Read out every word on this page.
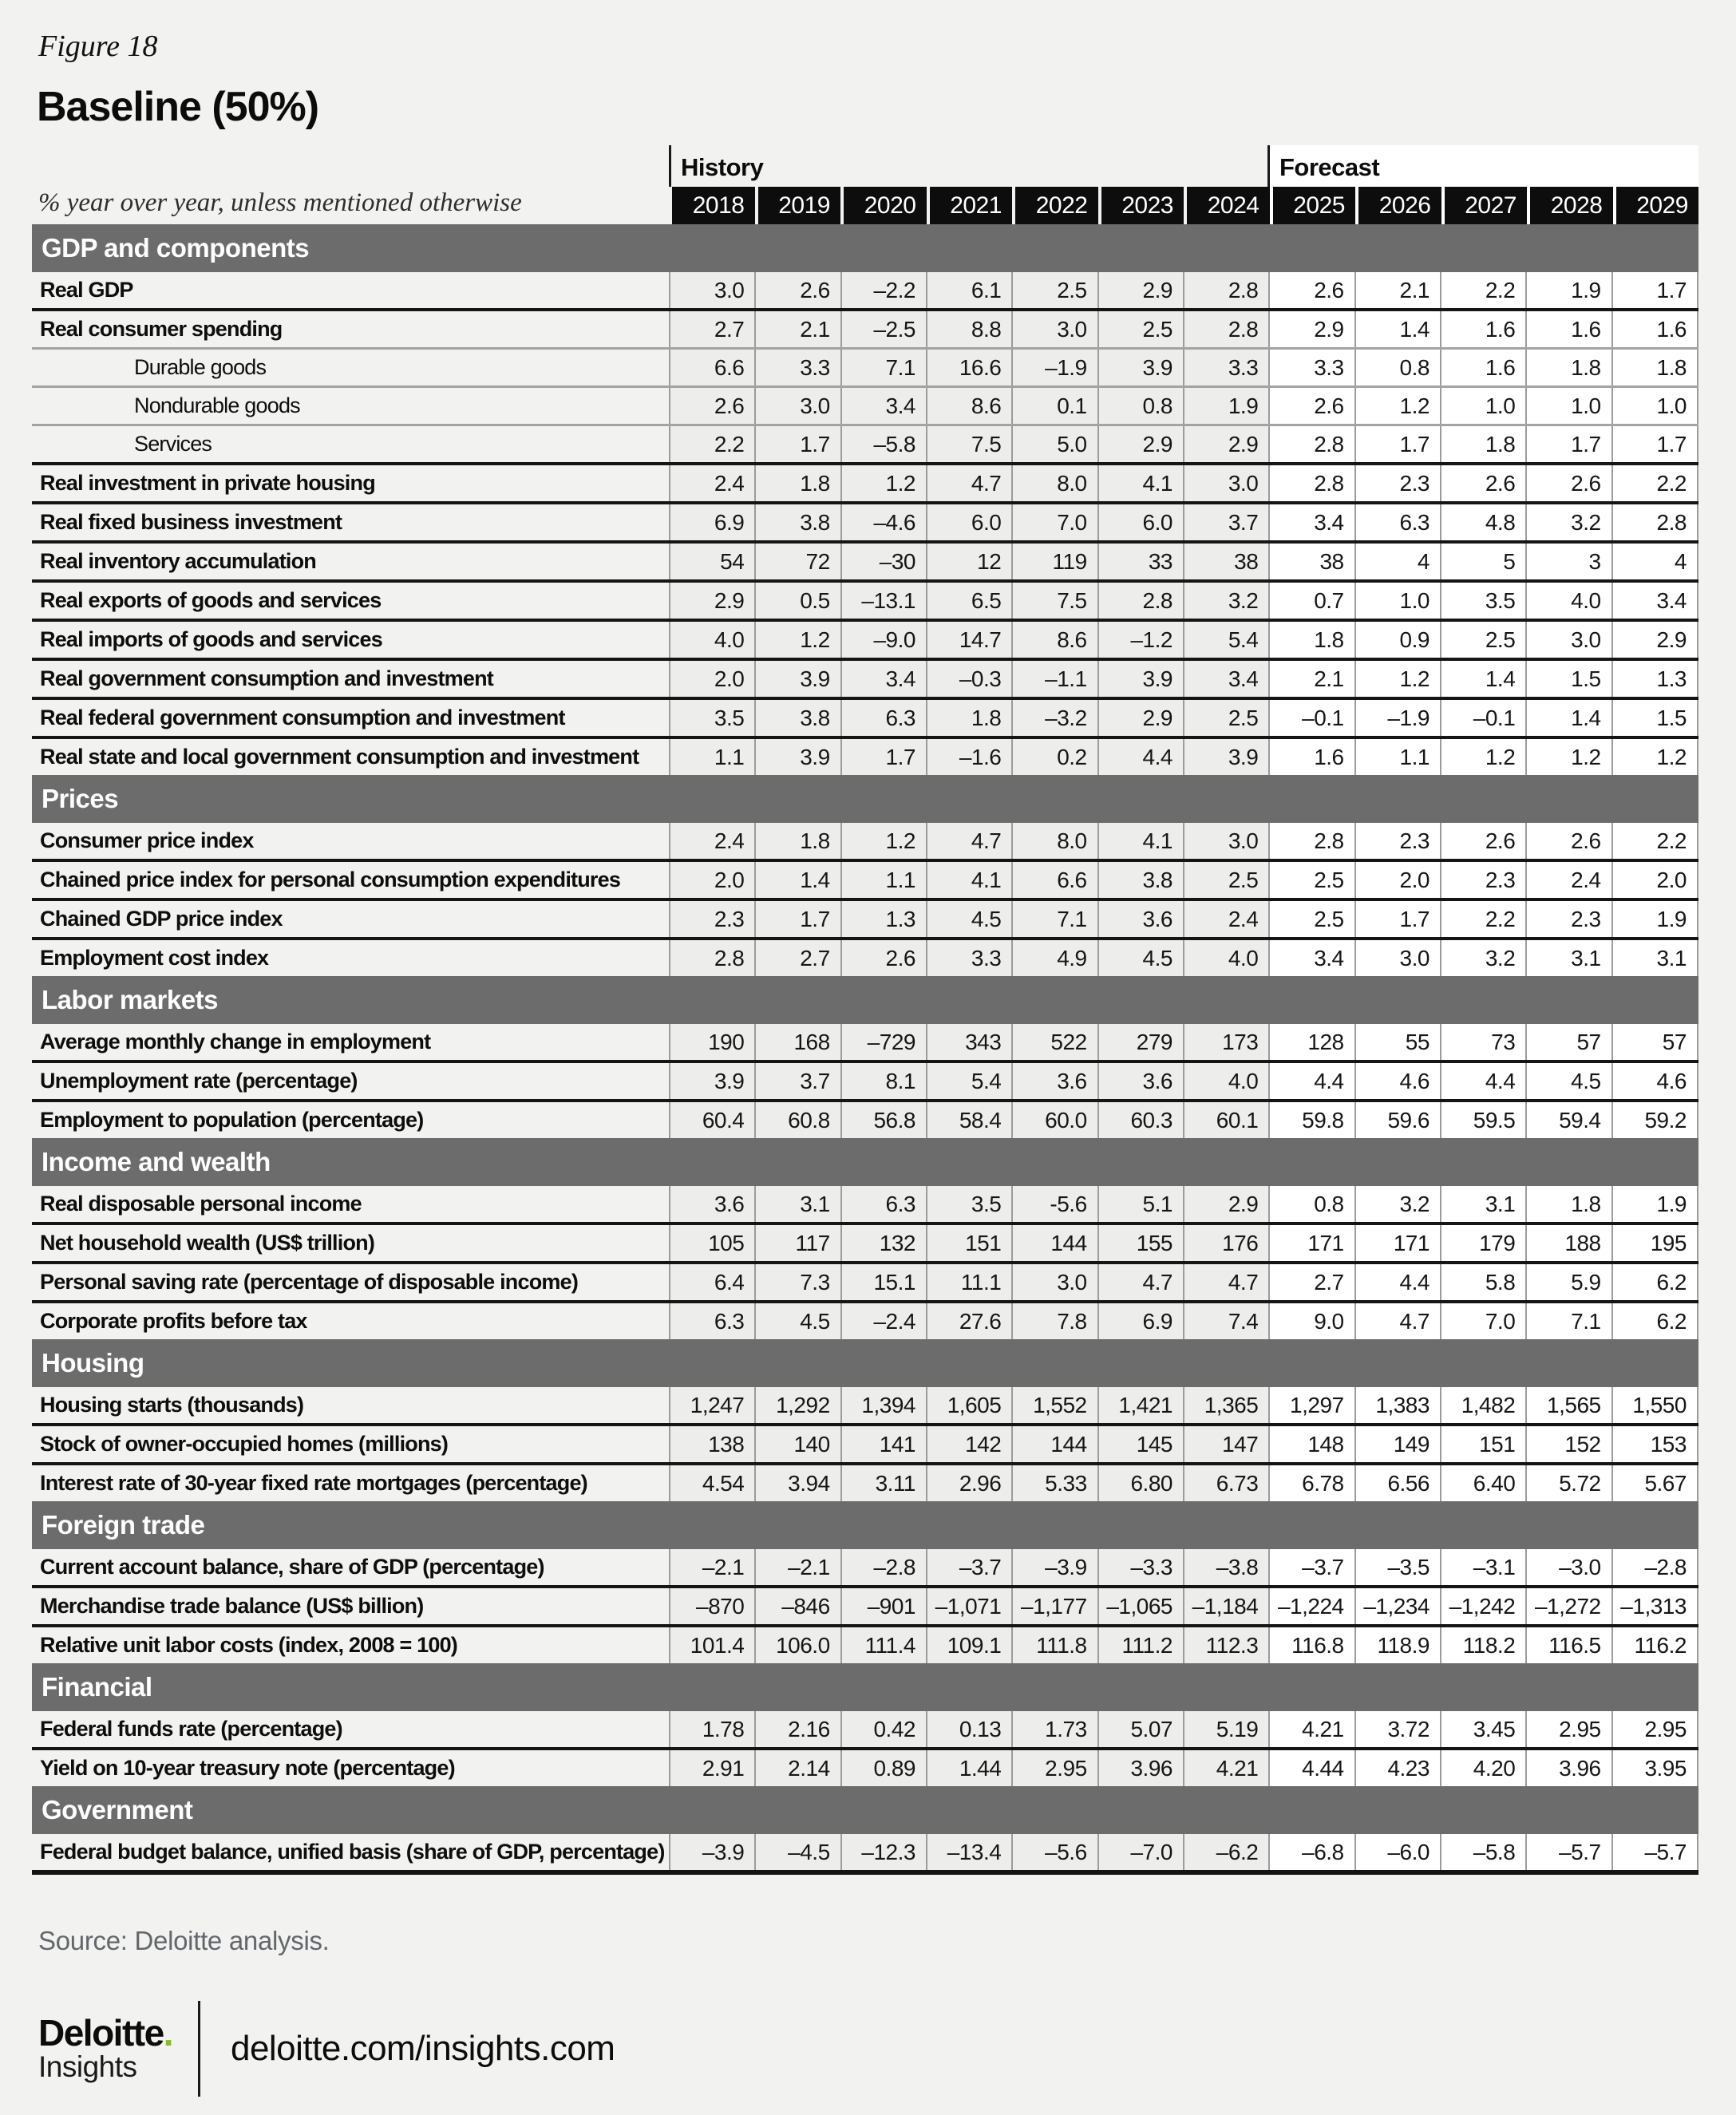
Figure 18
Baseline (50%)
% year over year, unless mentioned otherwise
History	Forecast
2018	2019	2020	2021	2022	2023	2024	2025	2026	2027	2028	2029
GDP and components
Real GDP	3.0	2.6	–2.2	6.1	2.5	2.9	2.8	2.6	2.1	2.2	1.9	1.7
Real consumer spending	2.7	2.1	–2.5	8.8	3.0	2.5	2.8	2.9	1.4	1.6	1.6	1.6
Durable goods	6.6	3.3	7.1	16.6	–1.9	3.9	3.3	3.3	0.8	1.6	1.8	1.8
Nondurable goods	2.6	3.0	3.4	8.6	0.1	0.8	1.9	2.6	1.2	1.0	1.0	1.0
Services	2.2	1.7	–5.8	7.5	5.0	2.9	2.9	2.8	1.7	1.8	1.7	1.7
Real investment in private housing	2.4	1.8	1.2	4.7	8.0	4.1	3.0	2.8	2.3	2.6	2.6	2.2
Real fixed business investment	6.9	3.8	–4.6	6.0	7.0	6.0	3.7	3.4	6.3	4.8	3.2	2.8
Real inventory accumulation	54	72	–30	12	119	33	38	38	4	5	3	4
Real exports of goods and services	2.9	0.5	–13.1	6.5	7.5	2.8	3.2	0.7	1.0	3.5	4.0	3.4
Real imports of goods and services	4.0	1.2	–9.0	14.7	8.6	–1.2	5.4	1.8	0.9	2.5	3.0	2.9
Real government consumption and investment	2.0	3.9	3.4	–0.3	–1.1	3.9	3.4	2.1	1.2	1.4	1.5	1.3
Real federal government consumption and investment	3.5	3.8	6.3	1.8	–3.2	2.9	2.5	–0.1	–1.9	–0.1	1.4	1.5
Real state and local government consumption and investment	1.1	3.9	1.7	–1.6	0.2	4.4	3.9	1.6	1.1	1.2	1.2	1.2
Prices
Consumer price index	2.4	1.8	1.2	4.7	8.0	4.1	3.0	2.8	2.3	2.6	2.6	2.2
Chained price index for personal consumption expenditures	2.0	1.4	1.1	4.1	6.6	3.8	2.5	2.5	2.0	2.3	2.4	2.0
Chained GDP price index	2.3	1.7	1.3	4.5	7.1	3.6	2.4	2.5	1.7	2.2	2.3	1.9
Employment cost index	2.8	2.7	2.6	3.3	4.9	4.5	4.0	3.4	3.0	3.2	3.1	3.1
Labor markets
Average monthly change in employment	190	168	–729	343	522	279	173	128	55	73	57	57
Unemployment rate (percentage)	3.9	3.7	8.1	5.4	3.6	3.6	4.0	4.4	4.6	4.4	4.5	4.6
Employment to population (percentage)	60.4	60.8	56.8	58.4	60.0	60.3	60.1	59.8	59.6	59.5	59.4	59.2
Income and wealth
Real disposable personal income	3.6	3.1	6.3	3.5	-5.6	5.1	2.9	0.8	3.2	3.1	1.8	1.9
Net household wealth (US$ trillion)	105	117	132	151	144	155	176	171	171	179	188	195
Personal saving rate (percentage of disposable income)	6.4	7.3	15.1	11.1	3.0	4.7	4.7	2.7	4.4	5.8	5.9	6.2
Corporate profits before tax	6.3	4.5	–2.4	27.6	7.8	6.9	7.4	9.0	4.7	7.0	7.1	6.2
Housing
Housing starts (thousands)	1,247	1,292	1,394	1,605	1,552	1,421	1,365	1,297	1,383	1,482	1,565	1,550
Stock of owner-occupied homes (millions)	138	140	141	142	144	145	147	148	149	151	152	153
Interest rate of 30-year fixed rate mortgages (percentage)	4.54	3.94	3.11	2.96	5.33	6.80	6.73	6.78	6.56	6.40	5.72	5.67
Foreign trade
Current account balance, share of GDP (percentage)	–2.1	–2.1	–2.8	–3.7	–3.9	–3.3	–3.8	–3.7	–3.5	–3.1	–3.0	–2.8
Merchandise trade balance (US$ billion)	–870	–846	–901 –1,071 –1,177 –1,065 –1,184 –1,224 –1,234 –1,242 –1,272 –1,313
Relative unit labor costs (index, 2008 = 100)	101.4	106.0	111.4	109.1	111.8	111.2	112.3	116.8	118.9	118.2	116.5	116.2
Financial
Federal funds rate (percentage)	1.78	2.16	0.42	0.13	1.73	5.07	5.19	4.21	3.72	3.45	2.95	2.95
Yield on 10-year treasury note (percentage)	2.91	2.14	0.89	1.44	2.95	3.96	4.21	4.44	4.23	4.20	3.96	3.95
Government
Federal budget balance, unified basis (share of GDP, percentage)	–3.9	–4.5	–12.3	–13.4	–5.6	–7.0	–6.2	–6.8	–6.0	–5.8	–5.7	–5.7
Source: Deloitte analysis.
Deloitte.
Insights	deloitte.com/insights.com
